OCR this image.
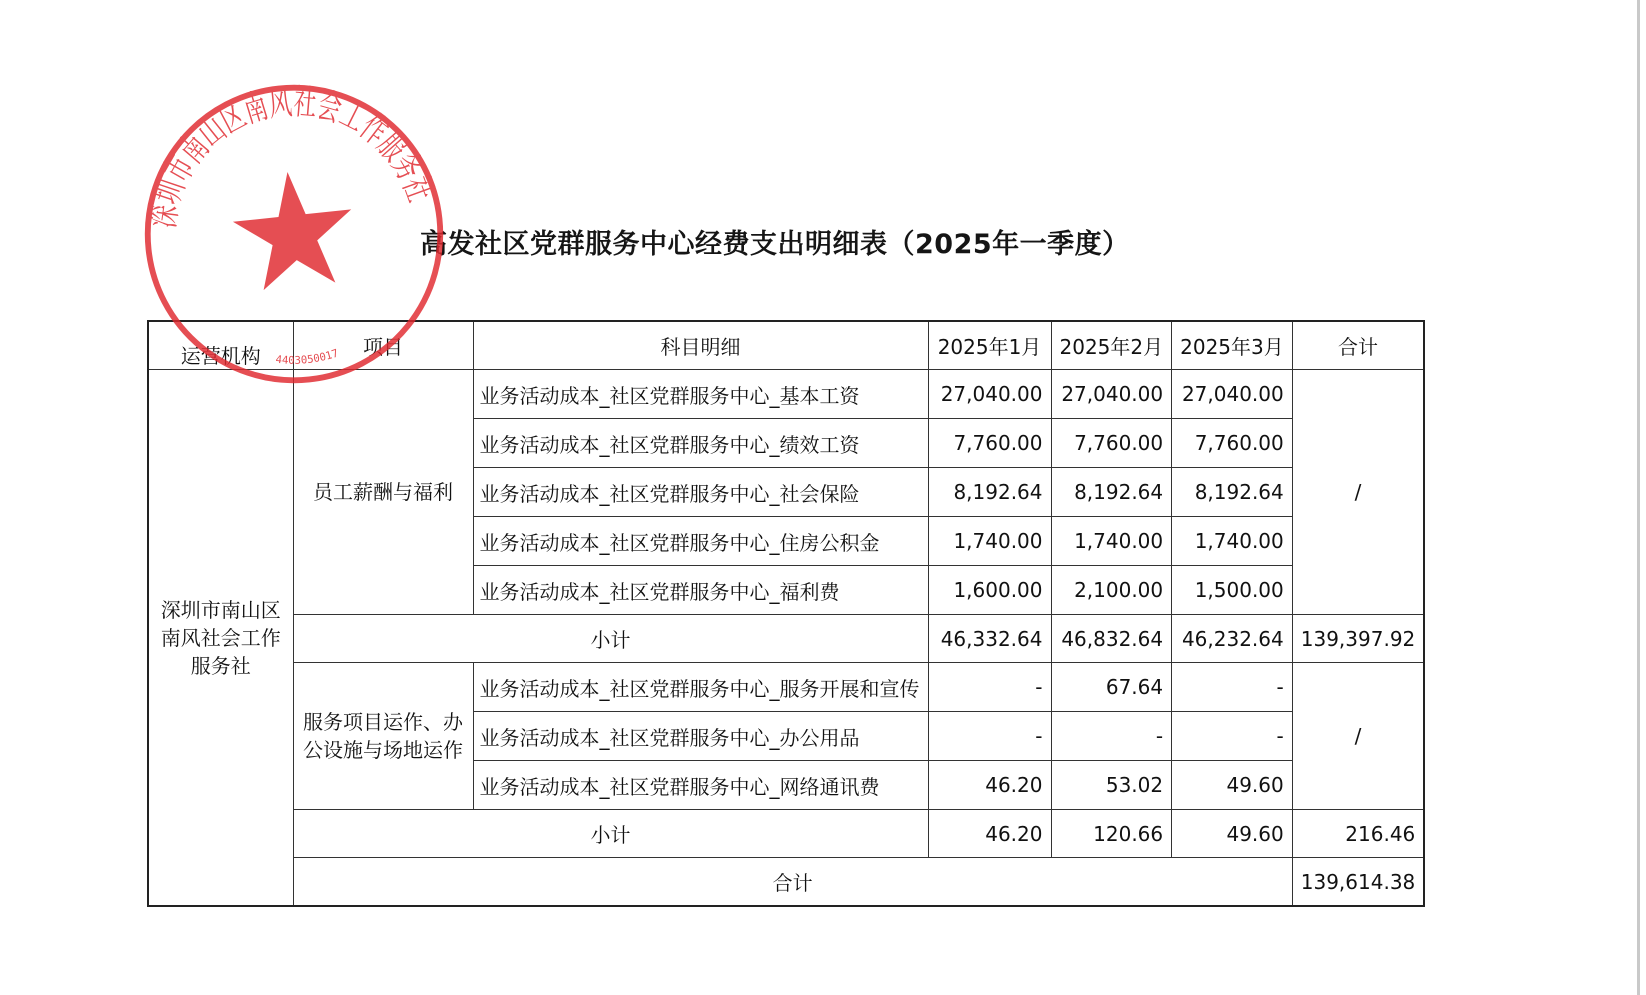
高发社区党群服务中心经费支出明细表（2025年一季度）
运营机构	项目	科目明细	2025年1月	2025年2月	2025年3月	合计
深圳市南山区南风社会工作服务社	员工薪酬与福利	业务活动成本_社区党群服务中心_基本工资	27,040.00	27,040.00	27,040.00	/
		业务活动成本_社区党群服务中心_绩效工资	7,760.00	7,760.00	7,760.00	
		业务活动成本_社区党群服务中心_社会保险	8,192.64	8,192.64	8,192.64	
		业务活动成本_社区党群服务中心_住房公积金	1,740.00	1,740.00	1,740.00	
		业务活动成本_社区党群服务中心_福利费	1,600.00	2,100.00	1,500.00	
	小计		46,332.64	46,832.64	46,232.64	139,397.92
	服务项目运作、办公设施与场地运作	业务活动成本_社区党群服务中心_服务开展和宣传	-	67.64	-	/
		业务活动成本_社区党群服务中心_办公用品	-	-	-	
		业务活动成本_社区党群服务中心_网络通讯费	46.20	53.02	49.60	
	小计		46.20	120.66	49.60	216.46
	合计					139,614.38
深圳市南山区南风社会工作服务社
4403050017
